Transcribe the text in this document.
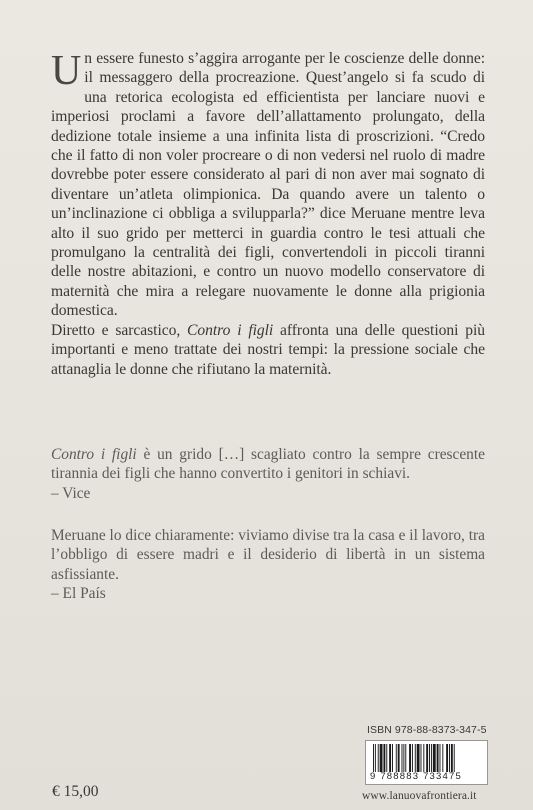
Un essere funesto s’aggira arrogante per le coscienze delle donne: il messaggero della procreazione. Quest’angelo si fa scudo di una retorica ecologista ed efficientista per lanciare nuovi e imperiosi proclami a favore dell’allattamento prolungato, della dedizione totale insieme a una infinita lista di proscrizioni. “Credo che il fatto di non voler procreare o di non vedersi nel ruolo di madre dovrebbe poter essere considerato al pari di non aver mai sognato di diventare un’atleta olimpionica. Da quando avere un talento o un’inclinazione ci obbliga a svilupparla?” dice Meruane mentre leva alto il suo grido per metterci in guardia contro le tesi attuali che promulgano la centralità dei figli, convertendoli in piccoli tiranni delle nostre abitazioni, e contro un nuovo modello conservatore di maternità che mira a relegare nuovamente le donne alla prigionia domestica.

Diretto e sarcastico, Contro i figli affronta una delle questioni più importanti e meno trattate dei nostri tempi: la pressione sociale che attanaglia le donne che rifiutano la maternità.

Contro i figli è un grido […] scagliato contro la sempre crescente tirannia dei figli che hanno convertito i genitori in schiavi.

– Vice

Meruane lo dice chiaramente: viviamo divise tra la casa e il lavoro, tra l’obbligo di essere madri e il desiderio di libertà in un sistema asfissiante.

– El País
ISBN 978-88-8373-347-5
9 788883 733475
€ 15,00	www.lanuovafrontiera.it
